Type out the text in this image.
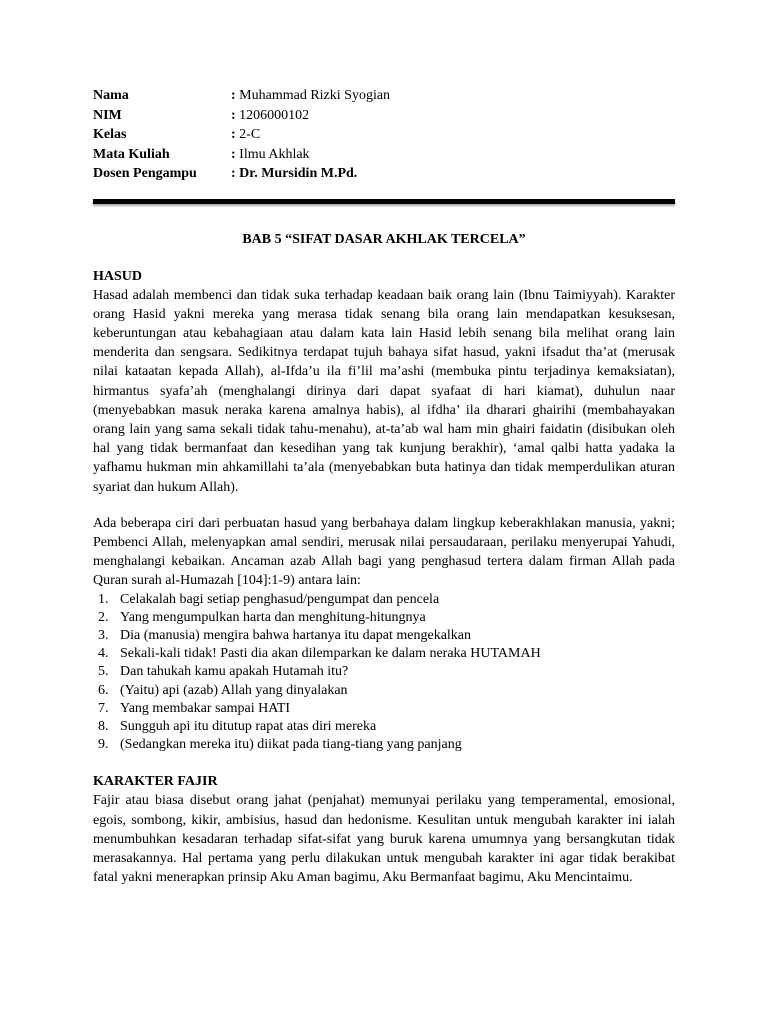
Nama	: Muhammad Rizki Syogian
NIM	: 1206000102
Kelas	: 2-C
Mata Kuliah	: Ilmu Akhlak
Dosen Pengampu	: Dr. Mursidin M.Pd.
BAB 5 “SIFAT DASAR AKHLAK TERCELA”
HASUD

Hasad adalah membenci dan tidak suka terhadap keadaan baik orang lain (Ibnu Taimiyyah). Karakter orang Hasid yakni mereka yang merasa tidak senang bila orang lain mendapatkan kesuksesan, keberuntungan atau kebahagiaan atau dalam kata lain Hasid lebih senang bila melihat orang lain menderita dan sengsara. Sedikitnya terdapat tujuh bahaya sifat hasud, yakni ifsadut tha’at (merusak nilai kataatan kepada Allah), al-Ifda’u ila fi’lil ma’ashi (membuka pintu terjadinya kemaksiatan), hirmantus syafa’ah (menghalangi dirinya dari dapat syafaat di hari kiamat), duhulun naar (menyebabkan masuk neraka karena amalnya habis), al ifdha’ ila dharari ghairihi (membahayakan orang lain yang sama sekali tidak tahu-menahu), at-ta’ab wal ham min ghairi faidatin (disibukan oleh hal yang tidak bermanfaat dan kesedihan yang tak kunjung berakhir), ‘amal qalbi hatta yadaka la yafhamu hukman min ahkamillahi ta’ala (menyebabkan buta hatinya dan tidak memperdulikan aturan syariat dan hukum Allah).

Ada beberapa ciri dari perbuatan hasud yang berbahaya dalam lingkup keberakhlakan manusia, yakni; Pembenci Allah, melenyapkan amal sendiri, merusak nilai persaudaraan, perilaku menyerupai Yahudi, menghalangi kebaikan. Ancaman azab Allah bagi yang penghasud tertera dalam firman Allah pada Quran surah al-Humazah [104]:1-9) antara lain:

1. Celakalah bagi setiap penghasud/pengumpat dan pencela
2. Yang mengumpulkan harta dan menghitung-hitungnya
3. Dia (manusia) mengira bahwa hartanya itu dapat mengekalkan
4. Sekali-kali tidak! Pasti dia akan dilemparkan ke dalam neraka HUTAMAH
5. Dan tahukah kamu apakah Hutamah itu?
6. (Yaitu) api (azab) Allah yang dinyalakan
7. Yang membakar sampai HATI
8. Sungguh api itu ditutup rapat atas diri mereka
9. (Sedangkan mereka itu) diikat pada tiang-tiang yang panjang
KARAKTER FAJIR

Fajir atau biasa disebut orang jahat (penjahat) memunyai perilaku yang temperamental, emosional, egois, sombong, kikir, ambisius, hasud dan hedonisme. Kesulitan untuk mengubah karakter ini ialah menumbuhkan kesadaran terhadap sifat-sifat yang buruk karena umumnya yang bersangkutan tidak merasakannya. Hal pertama yang perlu dilakukan untuk mengubah karakter ini agar tidak berakibat fatal yakni menerapkan prinsip Aku Aman bagimu, Aku Bermanfaat bagimu, Aku Mencintaimu.
